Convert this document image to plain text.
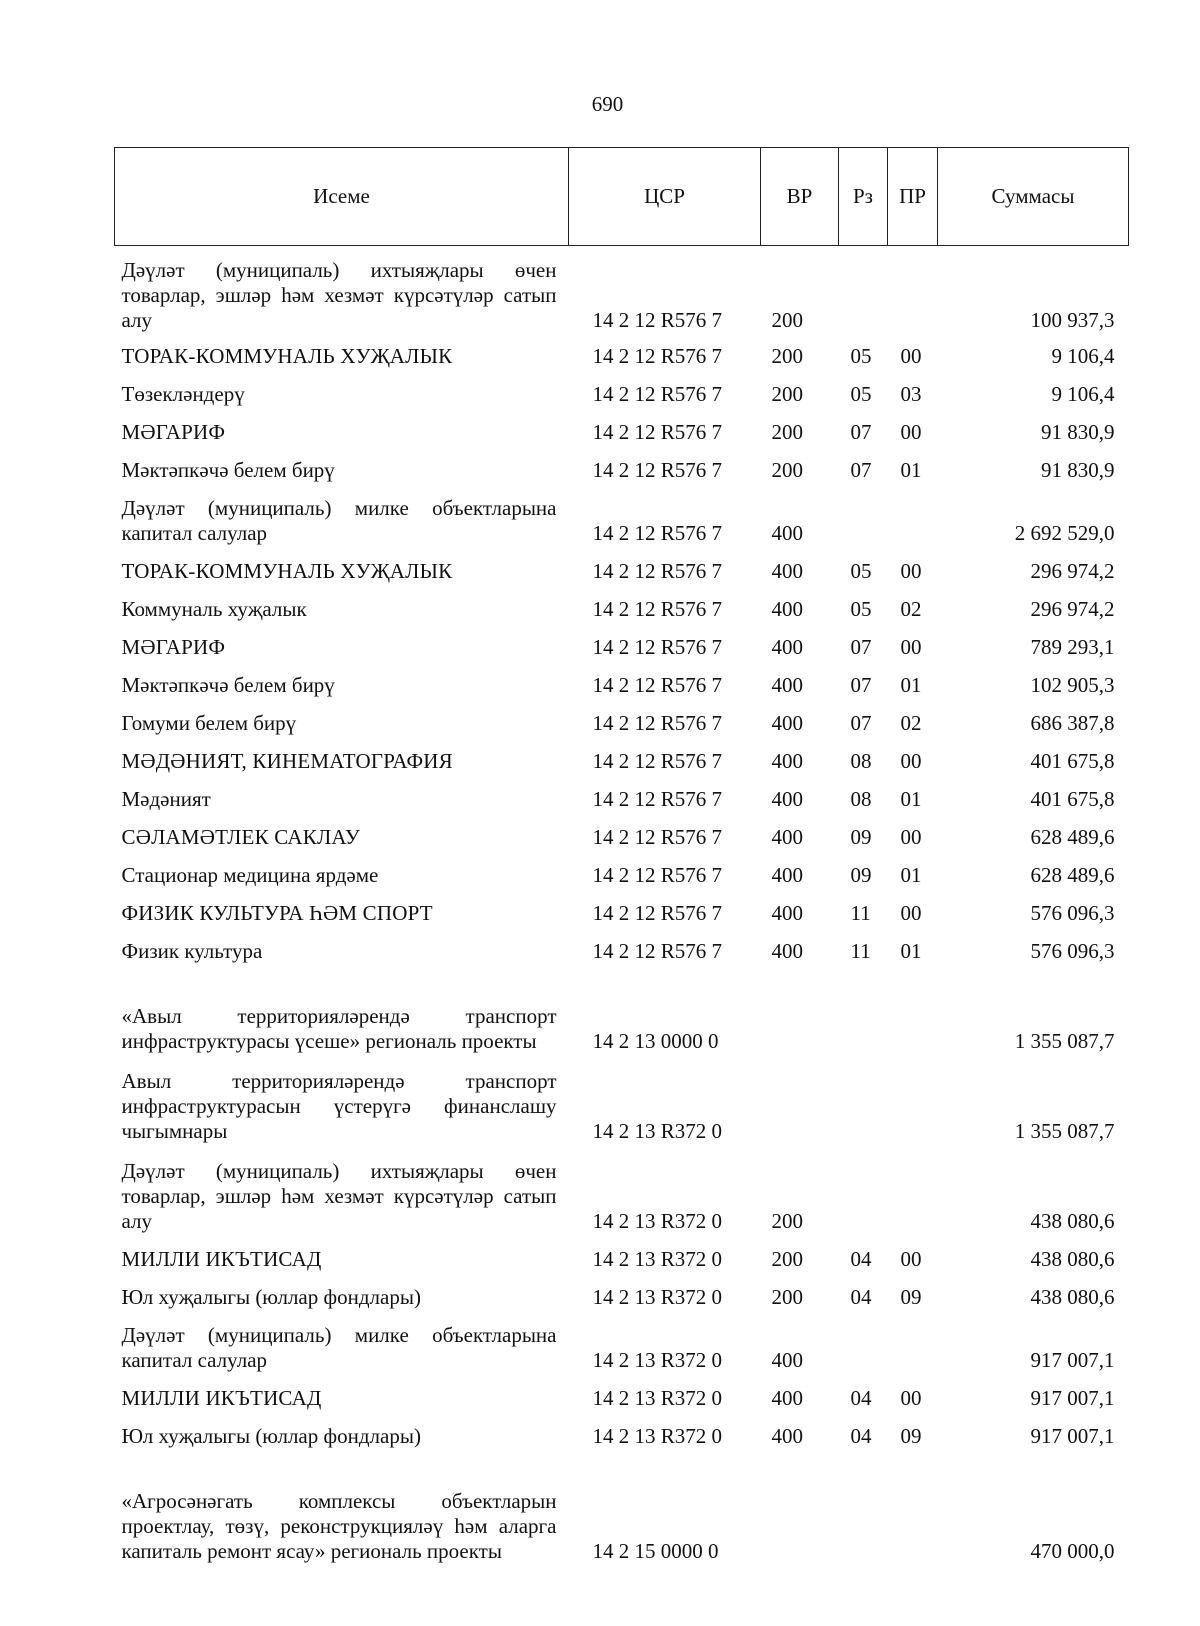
690
Исеме	ЦСР	ВР	Рз	ПР	Суммасы
Дәүләт (муниципаль) ихтыяҗлары өчен товарлар, эшләр һәм хезмәт күрсәтүләр сатып алу	14 2 12 R576 7	200			100 937,3
ТОРАК-КОММУНАЛЬ ХУҖАЛЫК	14 2 12 R576 7	200	05	00	9 106,4
Төзекләндерү	14 2 12 R576 7	200	05	03	9 106,4
МӘГАРИФ	14 2 12 R576 7	200	07	00	91 830,9
Мәктәпкәчә белем бирү	14 2 12 R576 7	200	07	01	91 830,9
Дәүләт (муниципаль) милке объектларына капитал салулар	14 2 12 R576 7	400			2 692 529,0
ТОРАК-КОММУНАЛЬ ХУҖАЛЫК	14 2 12 R576 7	400	05	00	296 974,2
Коммуналь хуҗалык	14 2 12 R576 7	400	05	02	296 974,2
МӘГАРИФ	14 2 12 R576 7	400	07	00	789 293,1
Мәктәпкәчә белем бирү	14 2 12 R576 7	400	07	01	102 905,3
Гомуми белем бирү	14 2 12 R576 7	400	07	02	686 387,8
МӘДӘНИЯТ, КИНЕМАТОГРАФИЯ	14 2 12 R576 7	400	08	00	401 675,8
Мәдәният	14 2 12 R576 7	400	08	01	401 675,8
СӘЛАМӘТЛЕК САКЛАУ	14 2 12 R576 7	400	09	00	628 489,6
Стационар медицина ярдәме	14 2 12 R576 7	400	09	01	628 489,6
ФИЗИК КУЛЬТУРА ҺӘМ СПОРТ	14 2 12 R576 7	400	11	00	576 096,3
Физик культура	14 2 12 R576 7	400	11	01	576 096,3
«Авыл территорияләрендә транспорт инфраструктурасы үсеше» региональ проекты	14 2 13 0000 0				1 355 087,7
Авыл территорияләрендә транспорт инфраструктурасын үстерүгә финанслашу чыгымнары	14 2 13 R372 0				1 355 087,7
Дәүләт (муниципаль) ихтыяҗлары өчен товарлар, эшләр һәм хезмәт күрсәтүләр сатып алу	14 2 13 R372 0	200			438 080,6
МИЛЛИ ИКЪТИСАД	14 2 13 R372 0	200	04	00	438 080,6
Юл хуҗалыгы (юллар фондлары)	14 2 13 R372 0	200	04	09	438 080,6
Дәүләт (муниципаль) милке объектларына капитал салулар	14 2 13 R372 0	400			917 007,1
МИЛЛИ ИКЪТИСАД	14 2 13 R372 0	400	04	00	917 007,1
Юл хуҗалыгы (юллар фондлары)	14 2 13 R372 0	400	04	09	917 007,1
«Агросәнәгать комплексы объектларын проектлау, төзү, реконструкцияләү һәм аларга капиталь ремонт ясау» региональ проекты	14 2 15 0000 0				470 000,0
